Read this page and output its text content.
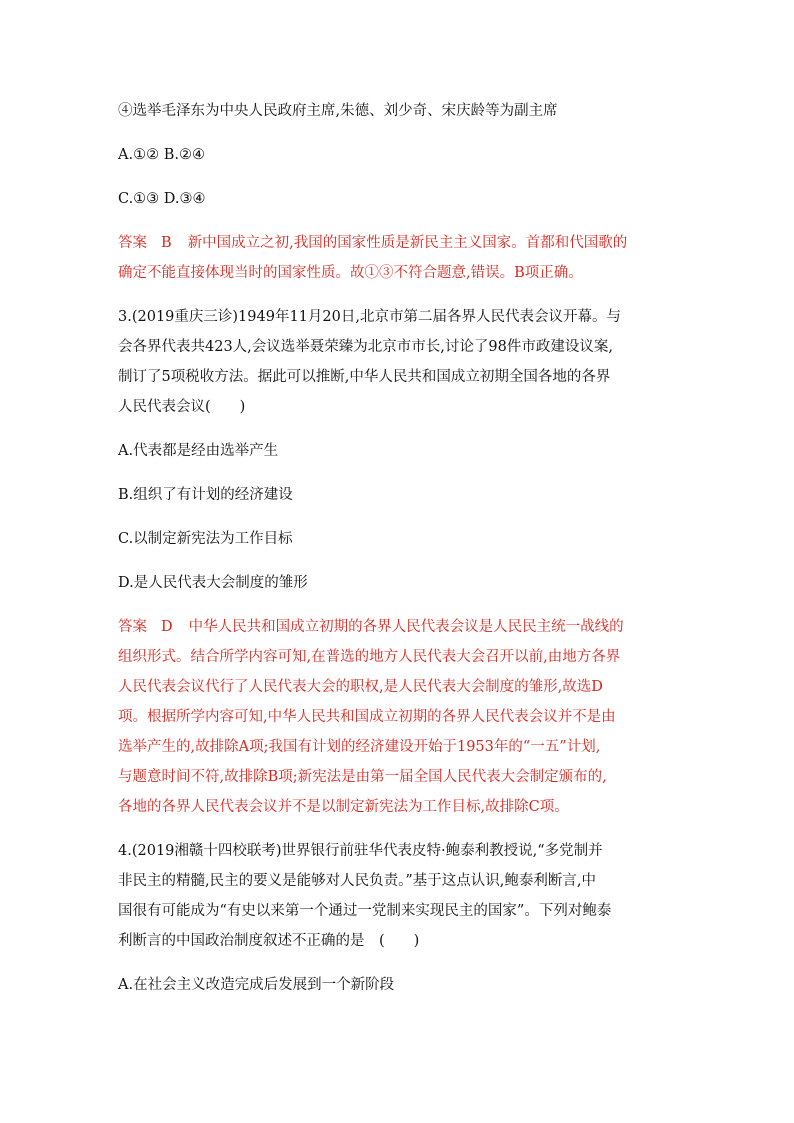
④选举毛泽东为中央人民政府主席,朱德、刘少奇、宋庆龄等为副主席

A.①② B.②④

C.①③ D.③④

答案 B 新中国成立之初,我国的国家性质是新民主主义国家。首都和代国歌的

确定不能直接体现当时的国家性质。故①③不符合题意,错误。B项正确。

3.(2019重庆三诊)1949年11月20日,北京市第二届各界人民代表会议开幕。与

会各界代表共423人,会议选举聂荣臻为北京市市长,讨论了98件市政建设议案,

制订了5项税收方法。据此可以推断,中华人民共和国成立初期全国各地的各界

人民代表会议(　　)

A.代表都是经由选举产生

B.组织了有计划的经济建设

C.以制定新宪法为工作目标

D.是人民代表大会制度的雏形

答案 D 中华人民共和国成立初期的各界人民代表会议是人民民主统一战线的

组织形式。结合所学内容可知,在普选的地方人民代表大会召开以前,由地方各界

人民代表会议代行了人民代表大会的职权,是人民代表大会制度的雏形,故选D

项。根据所学内容可知,中华人民共和国成立初期的各界人民代表会议并不是由

选举产生的,故排除A项;我国有计划的经济建设开始于1953年的“一五”计划,

与题意时间不符,故排除B项;新宪法是由第一届全国人民代表大会制定颁布的,

各地的各界人民代表会议并不是以制定新宪法为工作目标,故排除C项。

4.(2019湘赣十四校联考)世界银行前驻华代表皮特·鲍泰利教授说,“多党制并

非民主的精髓,民主的要义是能够对人民负责。”基于这点认识,鲍泰利断言,中

国很有可能成为“有史以来第一个通过一党制来实现民主的国家”。下列对鲍泰

利断言的中国政治制度叙述不正确的是　(　　)

A.在社会主义改造完成后发展到一个新阶段
